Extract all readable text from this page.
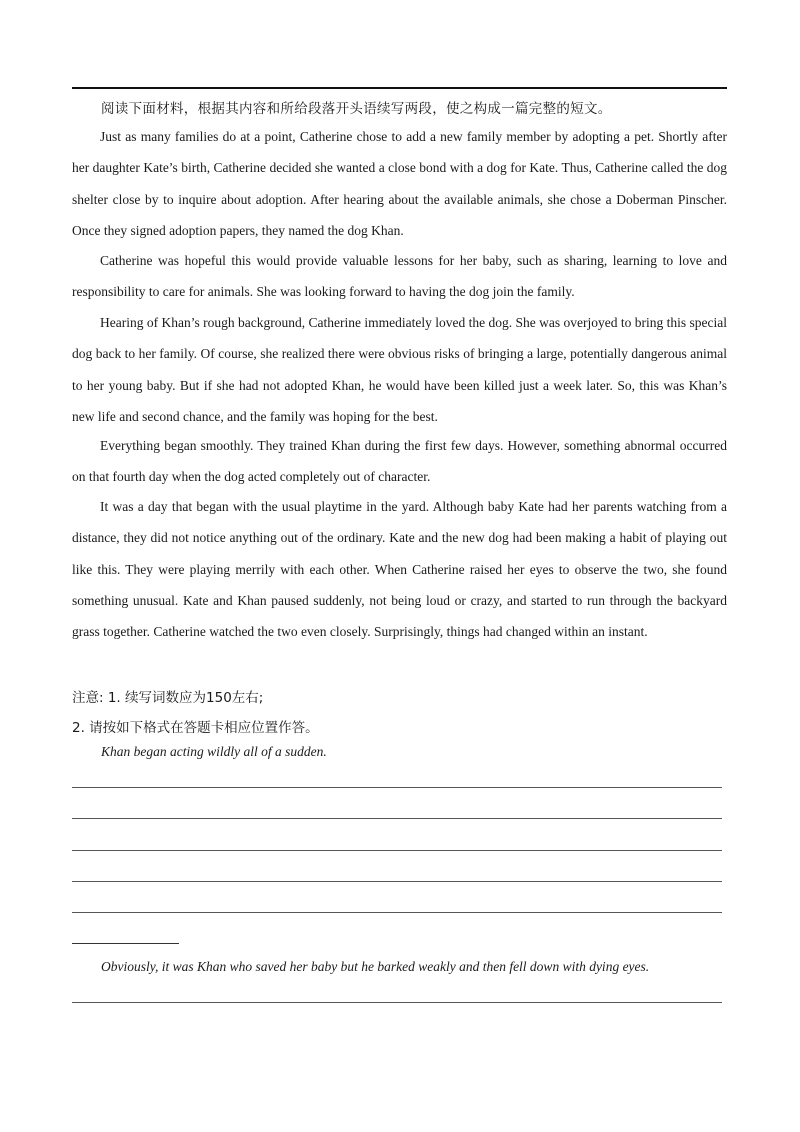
阅读下面材料，根据其内容和所给段落开头语续写两段，使之构成一篇完整的短文。

Just as many families do at a point, Catherine chose to add a new family member by adopting a pet. Shortly after her daughter Kate’s birth, Catherine decided she wanted a close bond with a dog for Kate. Thus, Catherine called the dog shelter close by to inquire about adoption. After hearing about the available animals, she chose a Doberman Pinscher. Once they signed adoption papers, they named the dog Khan.

Catherine was hopeful this would provide valuable lessons for her baby, such as sharing, learning to love and responsibility to care for animals. She was looking forward to having the dog join the family.

Hearing of Khan’s rough background, Catherine immediately loved the dog. She was overjoyed to bring this special dog back to her family. Of course, she realized there were obvious risks of bringing a large, potentially dangerous animal to her young baby. But if she had not adopted Khan, he would have been killed just a week later. So, this was Khan’s new life and second chance, and the family was hoping for the best.

Everything began smoothly. They trained Khan during the first few days. However, something abnormal occurred on that fourth day when the dog acted completely out of character.

It was a day that began with the usual playtime in the yard. Although baby Kate had her parents watching from a distance, they did not notice anything out of the ordinary. Kate and the new dog had been making a habit of playing out like this. They were playing merrily with each other. When Catherine raised her eyes to observe the two, she found something unusual. Kate and Khan paused suddenly, not being loud or crazy, and started to run through the backyard grass together. Catherine watched the two even closely. Surprisingly, things had changed within an instant.

注意: 1. 续写词数应为150左右;
2. 请按如下格式在答题卡相应位置作答。
Khan began acting wildly all of a sudden.
Obviously, it was Khan who saved her baby but he barked weakly and then fell down with dying eyes.
